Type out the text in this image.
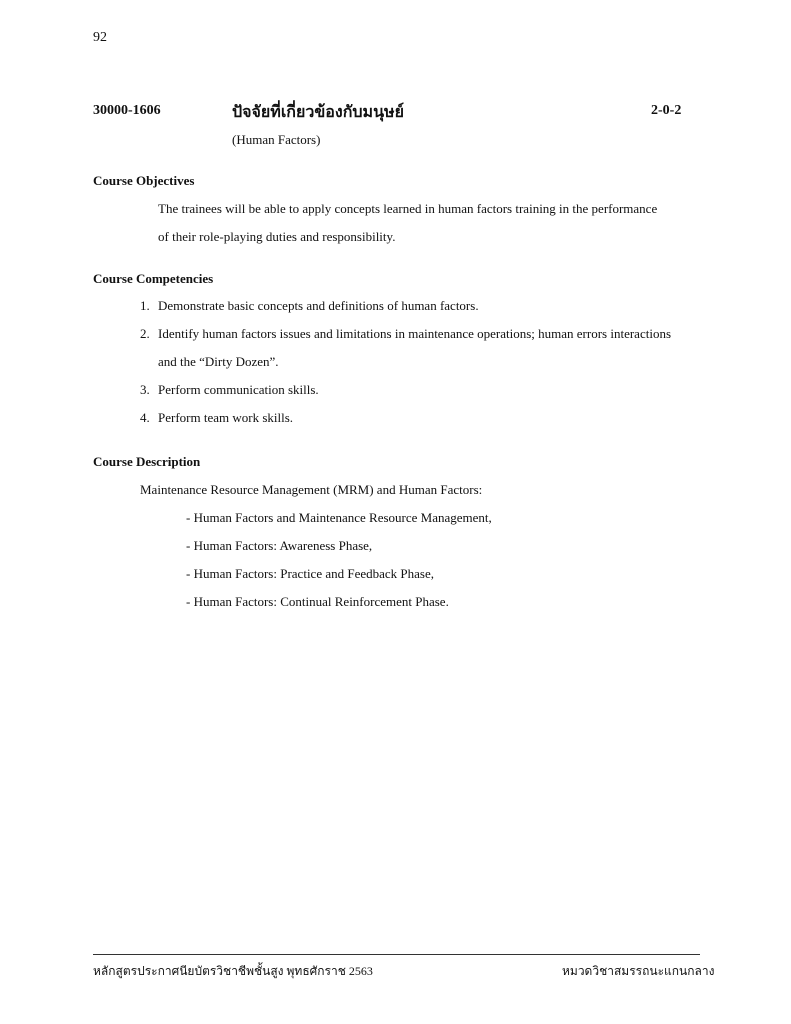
92
30000-1606	ปัจจัยที่เกี่ยวข้องกับมนุษย์	2-0-2
(Human Factors)
Course Objectives
The trainees will be able to apply concepts learned in human factors training in the performance
of their role-playing duties and responsibility.
Course Competencies
1. Demonstrate basic concepts and definitions of human factors.
2. Identify human factors issues and limitations in maintenance operations; human errors interactions
and the “Dirty Dozen”.
3. Perform communication skills.
4. Perform team work skills.
Course Description
Maintenance Resource Management (MRM) and Human Factors:
- Human Factors and Maintenance Resource Management,
- Human Factors: Awareness Phase,
- Human Factors: Practice and Feedback Phase,
- Human Factors: Continual Reinforcement Phase.
หลักสูตรประกาศนียบัตรวิชาชีพชั้นสูง พุทธศักราช 2563	หมวดวิชาสมรรถนะแกนกลาง
